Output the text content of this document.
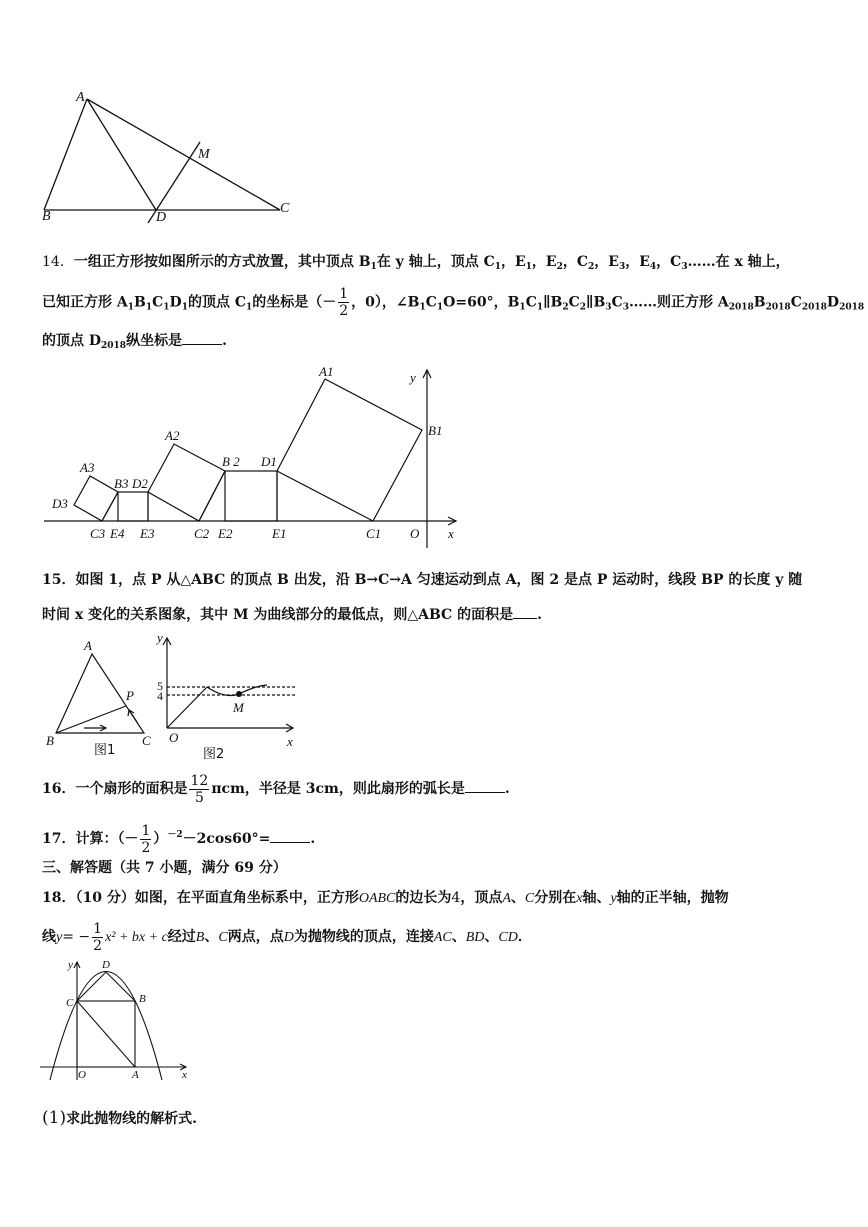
A
B
C
D
M
14．一组正方形按如图所示的方式放置，其中顶点 $B_1$在 y 轴上，顶点 $C_1$，$E_1$，$E_2$，$C_2$，$E_3$，$E_4$，$C_3\dots\dots$在 x 轴上，
已知正方形 $A_1B_1C_1D_1$的顶点 $C_1$的坐标是（－ $\frac{1}{2}$ ，0），$\angle B_1C_1O=60^\circ$，$B_1C_1\parallel B_2C_2\parallel B_3C_3\dots\dots$则正方形 $A_{2018}B_{2018}C_{2018}D_{2018}$
的顶点 $D_{2018}$纵坐标是	.
A1
B1
D1
B 2
A2
B3 D2
A3
D3
C3 E4 E3	C2 E2	E1	C1 O x
y
15．如图 1，点 P 从△ABC 的顶点 B 出发，沿 B→C→A 匀速运动到点 A，图 2 是点 P 运动时，线段 BP 的长度 y 随
时间 x 变化的关系图象，其中 M 为曲线部分的最低点，则△ABC 的面积是 .
A
B	C
P
图1
y
x
O
M
5
4
图2
16．一个扇形的面积是 $\frac{12}{5}$ πcm，半径是 3cm，则此扇形的弧长是	.
17．计算：（－ $\frac{1}{2} )^{-2}-2\cos 60^\circ=$	.
三、解答题（共 7 小题，满分 69 分）
18．（10 分）如图，在平面直角坐标系中，正方形OABC的边长为4，顶点A、C分别在x轴、y轴的正半轴，抛物
线$y= - \frac{1}{2} x^2$ + bx + c经过B、C两点，点D为抛物线的顶点，连接AC、BD、CD．
y	D
C	B
O	A	x
(1)求此抛物线的解析式.
